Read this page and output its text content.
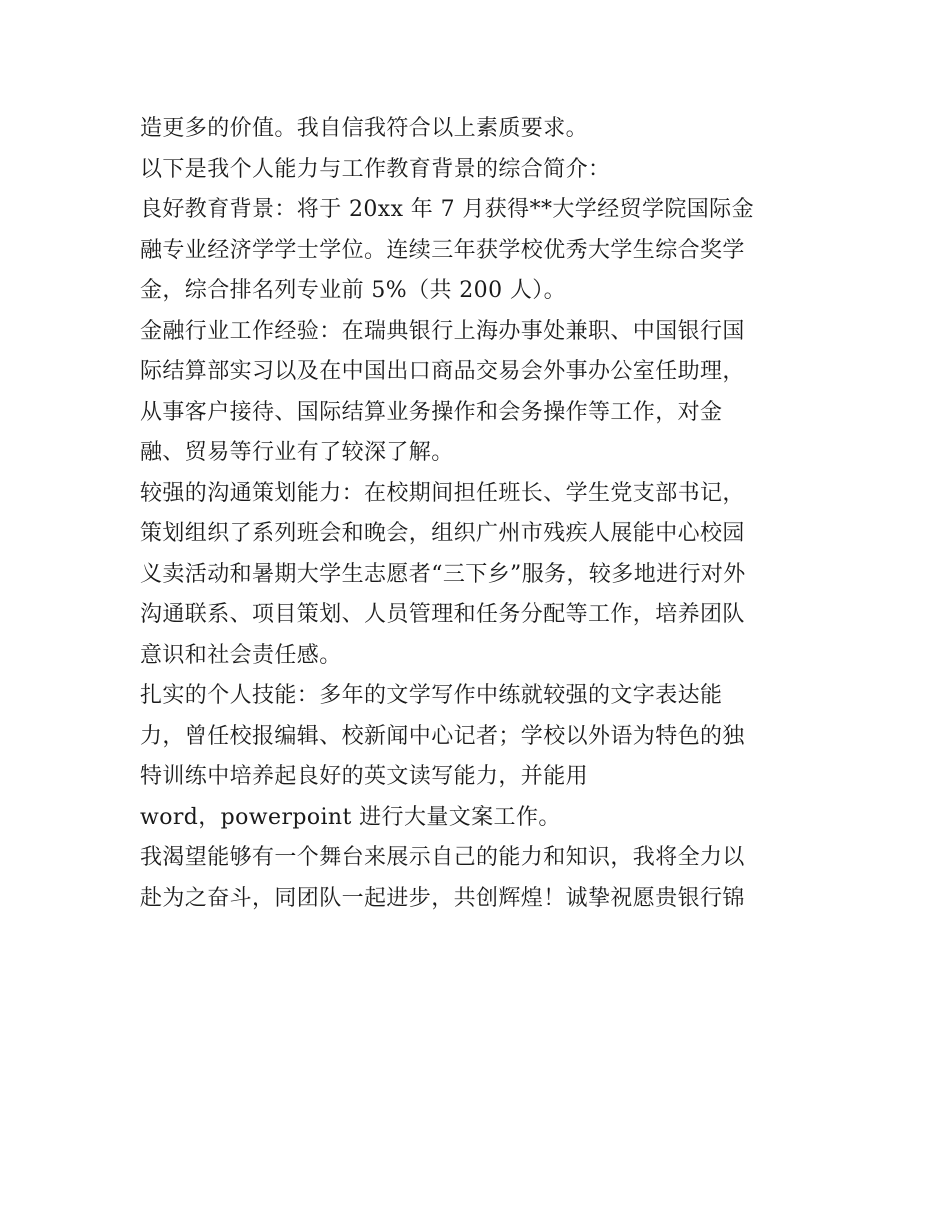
造更多的价值。我自信我符合以上素质要求。
以下是我个人能力与工作教育背景的综合简介：
良好教育背景：将于 20xx 年 7 月获得**大学经贸学院国际金
融专业经济学学士学位。连续三年获学校优秀大学生综合奖学
金，综合排名列专业前 5%（共 200 人）。
金融行业工作经验：在瑞典银行上海办事处兼职、中国银行国
际结算部实习以及在中国出口商品交易会外事办公室任助理，
从事客户接待、国际结算业务操作和会务操作等工作，对金
融、贸易等行业有了较深了解。
较强的沟通策划能力：在校期间担任班长、学生党支部书记，
策划组织了系列班会和晚会，组织广州市残疾人展能中心校园
义卖活动和暑期大学生志愿者“三下乡”服务，较多地进行对外
沟通联系、项目策划、人员管理和任务分配等工作，培养团队
意识和社会责任感。
扎实的个人技能：多年的文学写作中练就较强的文字表达能
力，曾任校报编辑、校新闻中心记者；学校以外语为特色的独
特训练中培养起良好的英文读写能力，并能用
word，powerpoint 进行大量文案工作。
我渴望能够有一个舞台来展示自己的能力和知识，我将全力以
赴为之奋斗，同团队一起进步，共创辉煌！诚挚祝愿贵银行锦
